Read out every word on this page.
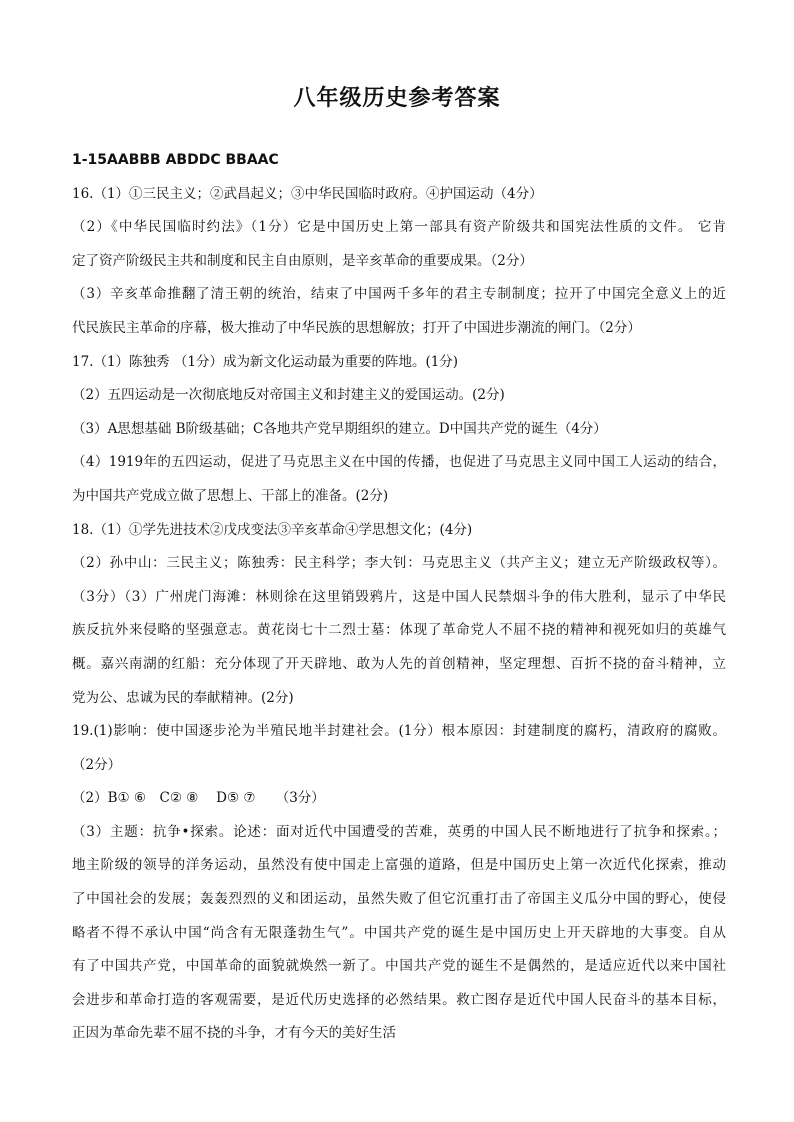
八年级历史参考答案
1-15AABBB ABDDC BBAAC
16.（1）①三民主义；②武昌起义；③中华民国临时政府。④护国运动（4分）
（2）《中华民国临时约法》（1分）它是中国历史上第一部具有资产阶级共和国宪法性质的文件。 它肯
定了资产阶级民主共和制度和民主自由原则，是辛亥革命的重要成果。（2分）
（3）辛亥革命推翻了清王朝的统治，结束了中国两千多年的君主专制制度；拉开了中国完全意义上的近
代民族民主革命的序幕，极大推动了中华民族的思想解放；打开了中国进步潮流的闸门。（2分）
17.（1）陈独秀 （1分）成为新文化运动最为重要的阵地。(1分)
（2）五四运动是一次彻底地反对帝国主义和封建主义的爱国运动。(2分)
（3）A思想基础 B阶级基础；C各地共产党早期组织的建立。D中国共产党的诞生（4分）
（4）1919年的五四运动，促进了马克思主义在中国的传播，也促进了马克思主义同中国工人运动的结合，
为中国共产党成立做了思想上、干部上的准备。(2分)
18.（1）①学先进技术②戊戌变法③辛亥革命④学思想文化；(4分)
（2）孙中山：三民主义；陈独秀：民主科学；李大钊：马克思主义（共产主义；建立无产阶级政权等）。
（3分）（3）广州虎门海滩：林则徐在这里销毁鸦片，这是中国人民禁烟斗争的伟大胜利，显示了中华民
族反抗外来侵略的坚强意志。黄花岗七十二烈士墓：体现了革命党人不屈不挠的精神和视死如归的英雄气
概。嘉兴南湖的红船：充分体现了开天辟地、敢为人先的首创精神，坚定理想、百折不挠的奋斗精神，立
党为公、忠诚为民的奉献精神。(2分)
19.(1)影响：使中国逐步沦为半殖民地半封建社会。(1分）根本原因：封建制度的腐朽，清政府的腐败。
（2分）
（2）B① ⑥　C② ⑧　 D⑤ ⑦　　（3分）
（3）主题：抗争•探索。论述：面对近代中国遭受的苦难，英勇的中国人民不断地进行了抗争和探索。；
地主阶级的领导的洋务运动，虽然没有使中国走上富强的道路，但是中国历史上第一次近代化探索，推动
了中国社会的发展；轰轰烈烈的义和团运动，虽然失败了但它沉重打击了帝国主义瓜分中国的野心，使侵
略者不得不承认中国“尚含有无限蓬勃生气”。中国共产党的诞生是中国历史上开天辟地的大事变。自从
有了中国共产党，中国革命的面貌就焕然一新了。中国共产党的诞生不是偶然的，是适应近代以来中国社
会进步和革命打造的客观需要，是近代历史选择的必然结果。救亡图存是近代中国人民奋斗的基本目标，
正因为革命先辈不屈不挠的斗争，才有今天的美好生活
